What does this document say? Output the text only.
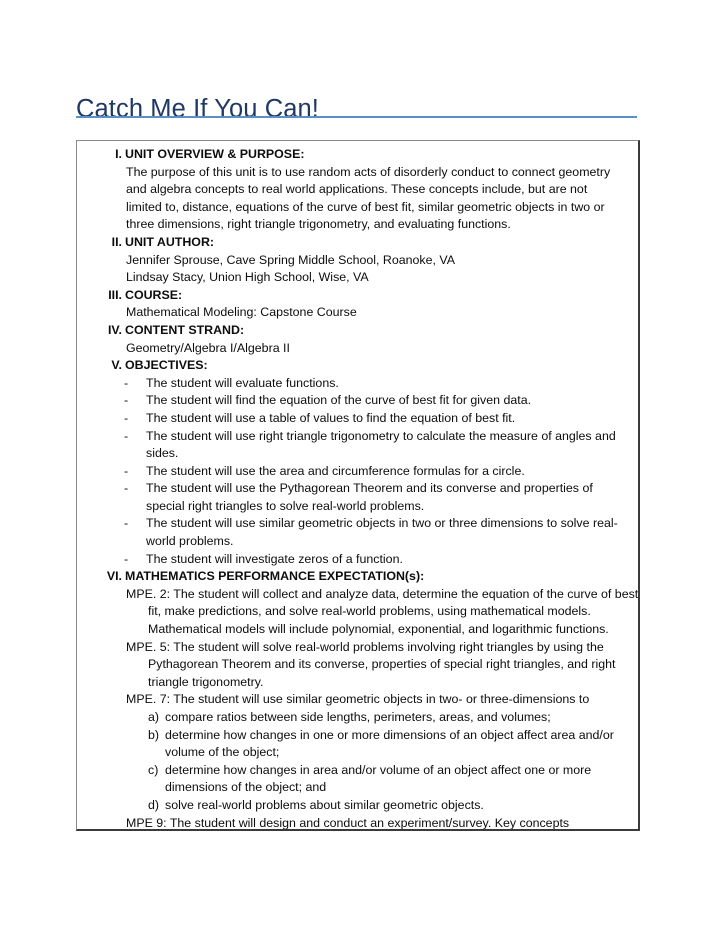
Catch Me If You Can!
I. UNIT OVERVIEW & PURPOSE:
The purpose of this unit is to use random acts of disorderly conduct to connect geometry and algebra concepts to real world applications. These concepts include, but are not limited to, distance, equations of the curve of best fit, similar geometric objects in two or three dimensions, right triangle trigonometry, and evaluating functions.
II. UNIT AUTHOR:
Jennifer Sprouse, Cave Spring Middle School, Roanoke, VA
Lindsay Stacy, Union High School, Wise, VA
III. COURSE:
Mathematical Modeling: Capstone Course
IV. CONTENT STRAND:
Geometry/Algebra I/Algebra II
V. OBJECTIVES:
-	The student will evaluate functions.
-	The student will find the equation of the curve of best fit for given data.
-	The student will use a table of values to find the equation of best fit.
-	The student will use right triangle trigonometry to calculate the measure of angles and sides.
-	The student will use the area and circumference formulas for a circle.
-	The student will use the Pythagorean Theorem and its converse and properties of special right triangles to solve real-world problems.
-	The student will use similar geometric objects in two or three dimensions to solve real-world problems.
-	The student will investigate zeros of a function.
VI. MATHEMATICS PERFORMANCE EXPECTATION(s):
MPE. 2: The student will collect and analyze data, determine the equation of the curve of best fit, make predictions, and solve real-world problems, using mathematical models. Mathematical models will include polynomial, exponential, and logarithmic functions.
MPE. 5: The student will solve real-world problems involving right triangles by using the Pythagorean Theorem and its converse, properties of special right triangles, and right triangle trigonometry.
MPE. 7: The student will use similar geometric objects in two- or three-dimensions to
a) compare ratios between side lengths, perimeters, areas, and volumes;
b) determine how changes in one or more dimensions of an object affect area and/or volume of the object;
c) determine how changes in area and/or volume of an object affect one or more dimensions of the object; and
d) solve real-world problems about similar geometric objects.
MPE 9: The student will design and conduct an experiment/survey. Key concepts
